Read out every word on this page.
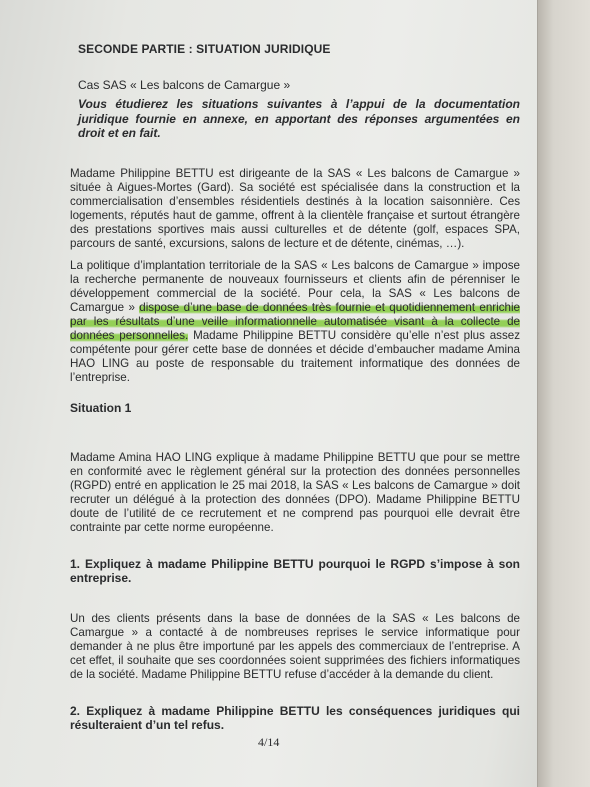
SECONDE PARTIE : SITUATION JURIDIQUE
Cas SAS « Les balcons de Camargue »

Vous étudierez les situations suivantes à l’appui de la documentation juridique fournie en annexe, en apportant des réponses argumentées en droit et en fait.

Madame Philippine BETTU est dirigeante de la SAS « Les balcons de Camargue » située à Aigues-Mortes (Gard). Sa société est spécialisée dans la construction et la commercialisation d’ensembles résidentiels destinés à la location saisonnière. Ces logements, réputés haut de gamme, offrent à la clientèle française et surtout étrangère des prestations sportives mais aussi culturelles et de détente (golf, espaces SPA, parcours de santé, excursions, salons de lecture et de détente, cinémas, …).

La politique d’implantation territoriale de la SAS « Les balcons de Camargue » impose la recherche permanente de nouveaux fournisseurs et clients afin de pérenniser le développement commercial de la société. Pour cela, la SAS « Les balcons de Camargue » dispose d’une base de données très fournie et quotidiennement enrichie par les résultats d’une veille informationnelle automatisée visant à la collecte de données personnelles. Madame Philippine BETTU considère qu’elle n’est plus assez compétente pour gérer cette base de données et décide d’embaucher madame Amina HAO LING au poste de responsable du traitement informatique des données de l’entreprise.

Situation 1

Madame Amina HAO LING explique à madame Philippine BETTU que pour se mettre en conformité avec le règlement général sur la protection des données personnelles (RGPD) entré en application le 25 mai 2018, la SAS « Les balcons de Camargue » doit recruter un délégué à la protection des données (DPO). Madame Philippine BETTU doute de l’utilité de ce recrutement et ne comprend pas pourquoi elle devrait être contrainte par cette norme européenne.

1. Expliquez à madame Philippine BETTU pourquoi le RGPD s’impose à son entreprise.

Un des clients présents dans la base de données de la SAS « Les balcons de Camargue » a contacté à de nombreuses reprises le service informatique pour demander à ne plus être importuné par les appels des commerciaux de l’entreprise. A cet effet, il souhaite que ses coordonnées soient supprimées des fichiers informatiques de la société. Madame Philippine BETTU refuse d’accéder à la demande du client.

2. Expliquez à madame Philippine BETTU les conséquences juridiques qui résulteraient d’un tel refus.

4/14
